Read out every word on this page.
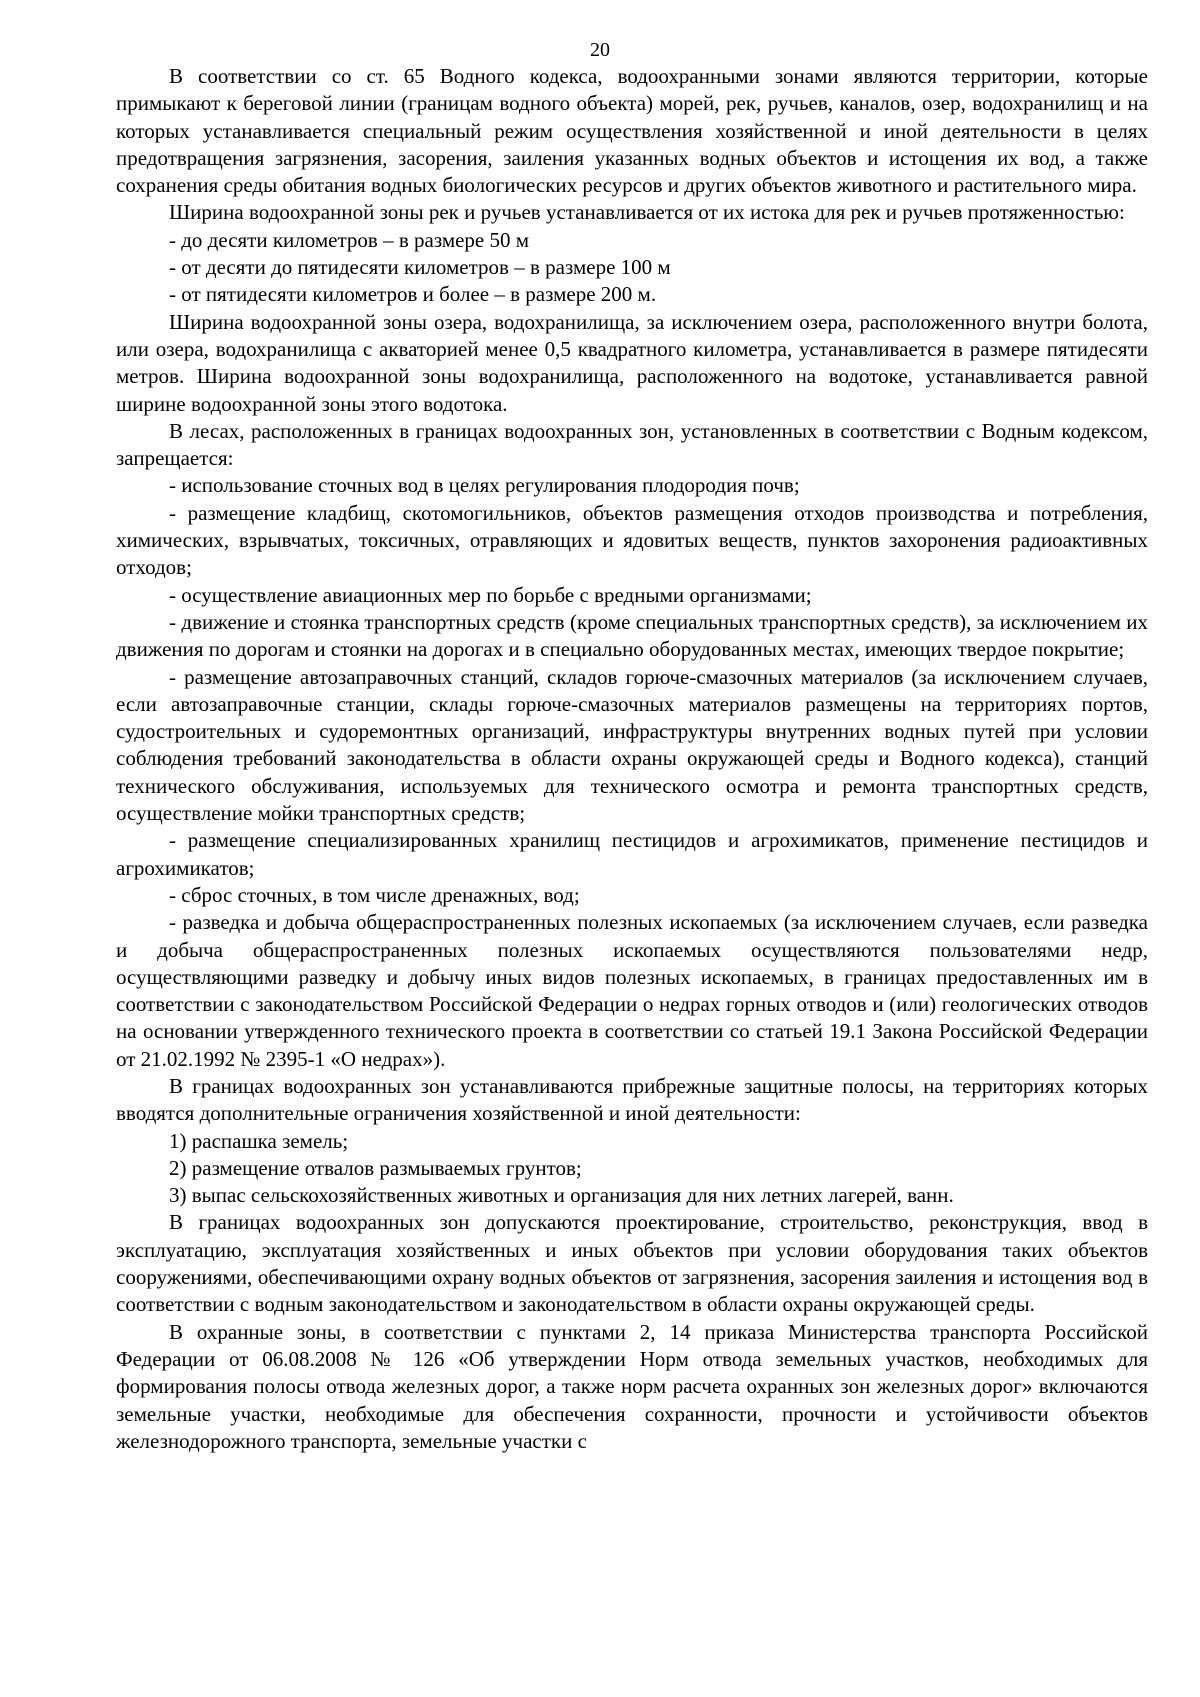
20

В соответствии со ст. 65 Водного кодекса, водоохранными зонами являются территории, которые примыкают к береговой линии (границам водного объекта) морей, рек, ручьев, каналов, озер, водохранилищ и на которых устанавливается специальный режим осуществления хозяйственной и иной деятельности в целях предотвращения загрязнения, засорения, заиления указанных водных объектов и истощения их вод, а также сохранения среды обитания водных биологических ресурсов и других объектов животного и растительного мира.

Ширина водоохранной зоны рек и ручьев устанавливается от их истока для рек и ручьев протяженностью:

- до десяти километров – в размере 50 м

- от десяти до пятидесяти километров – в размере 100 м

- от пятидесяти километров и более – в размере 200 м.

Ширина водоохранной зоны озера, водохранилища, за исключением озера, расположенного внутри болота, или озера, водохранилища с акваторией менее 0,5 квадратного километра, устанавливается в размере пятидесяти метров. Ширина водоохранной зоны водохранилища, расположенного на водотоке, устанавливается равной ширине водоохранной зоны этого водотока.

В лесах, расположенных в границах водоохранных зон, установленных в соответствии с Водным кодексом, запрещается:

- использование сточных вод в целях регулирования плодородия почв;

- размещение кладбищ, скотомогильников, объектов размещения отходов производства и потребления, химических, взрывчатых, токсичных, отравляющих и ядовитых веществ, пунктов захоронения радиоактивных отходов;

- осуществление авиационных мер по борьбе с вредными организмами;

- движение и стоянка транспортных средств (кроме специальных транспортных средств), за исключением их движения по дорогам и стоянки на дорогах и в специально оборудованных местах, имеющих твердое покрытие;

- размещение автозаправочных станций, складов горюче-смазочных материалов (за исключением случаев, если автозаправочные станции, склады горюче-смазочных материалов размещены на территориях портов, судостроительных и судоремонтных организаций, инфраструктуры внутренних водных путей при условии соблюдения требований законодательства в области охраны окружающей среды и Водного кодекса), станций технического обслуживания, используемых для технического осмотра и ремонта транспортных средств, осуществление мойки транспортных средств;

- размещение специализированных хранилищ пестицидов и агрохимикатов, применение пестицидов и агрохимикатов;

- сброс сточных, в том числе дренажных, вод;

- разведка и добыча общераспространенных полезных ископаемых (за исключением случаев, если разведка и добыча общераспространенных полезных ископаемых осуществляются пользователями недр, осуществляющими разведку и добычу иных видов полезных ископаемых, в границах предоставленных им в соответствии с законодательством Российской Федерации о недрах горных отводов и (или) геологических отводов на основании утвержденного технического проекта в соответствии со статьей 19.1 Закона Российской Федерации от 21.02.1992 № 2395-1 «О недрах»).

В границах водоохранных зон устанавливаются прибрежные защитные полосы, на территориях которых вводятся дополнительные ограничения хозяйственной и иной деятельности:

1) распашка земель;

2) размещение отвалов размываемых грунтов;

3) выпас сельскохозяйственных животных и организация для них летних лагерей, ванн.

В границах водоохранных зон допускаются проектирование, строительство, реконструкция, ввод в эксплуатацию, эксплуатация хозяйственных и иных объектов при условии оборудования таких объектов сооружениями, обеспечивающими охрану водных объектов от загрязнения, засорения заиления и истощения вод в соответствии с водным законодательством и законодательством в области охраны окружающей среды.

В охранные зоны, в соответствии с пунктами 2, 14 приказа Министерства транспорта Российской Федерации от 06.08.2008 № 126 «Об утверждении Норм отвода земельных участков, необходимых для формирования полосы отвода железных дорог, а также норм расчета охранных зон железных дорог» включаются земельные участки, необходимые для обеспечения сохранности, прочности и устойчивости объектов железнодорожного транспорта, земельные участки с
